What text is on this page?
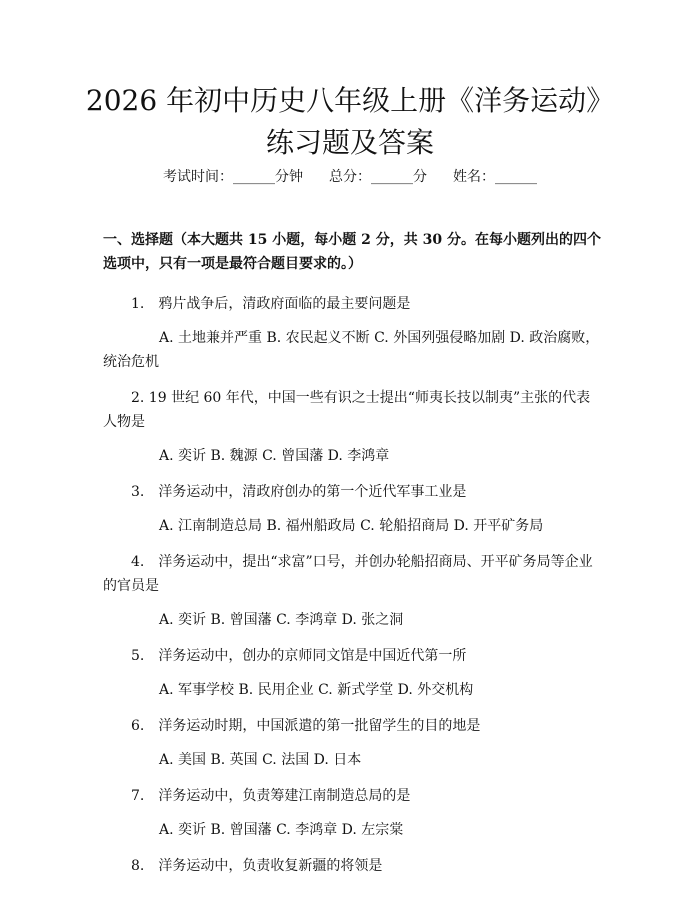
2026 年初中历史八年级上册《洋务运动》练习题及答案
考试时间：______分钟 总分：______分 姓名：______

一、选择题（本大题共 15 小题，每小题 2 分，共 30 分。在每小题列出的四个选项中，只有一项是最符合题目要求的。）

1.　鸦片战争后，清政府面临的最主要问题是

A. 土地兼并严重 B. 农民起义不断 C. 外国列强侵略加剧 D. 政治腐败，统治危机

2. 19 世纪 60 年代，中国一些有识之士提出“师夷长技以制夷”主张的代表人物是

A. 奕䜣 B. 魏源 C. 曾国藩 D. 李鸿章

3.　洋务运动中，清政府创办的第一个近代军事工业是

A. 江南制造总局 B. 福州船政局 C. 轮船招商局 D. 开平矿务局

4.　洋务运动中，提出“求富”口号，并创办轮船招商局、开平矿务局等企业的官员是

A. 奕䜣 B. 曾国藩 C. 李鸿章 D. 张之洞

5.　洋务运动中，创办的京师同文馆是中国近代第一所

A. 军事学校 B. 民用企业 C. 新式学堂 D. 外交机构

6.　洋务运动时期，中国派遣的第一批留学生的目的地是

A. 美国 B. 英国 C. 法国 D. 日本

7.　洋务运动中，负责筹建江南制造总局的是

A. 奕䜣 B. 曾国藩 C. 李鸿章 D. 左宗棠

8.　洋务运动中，负责收复新疆的将领是
